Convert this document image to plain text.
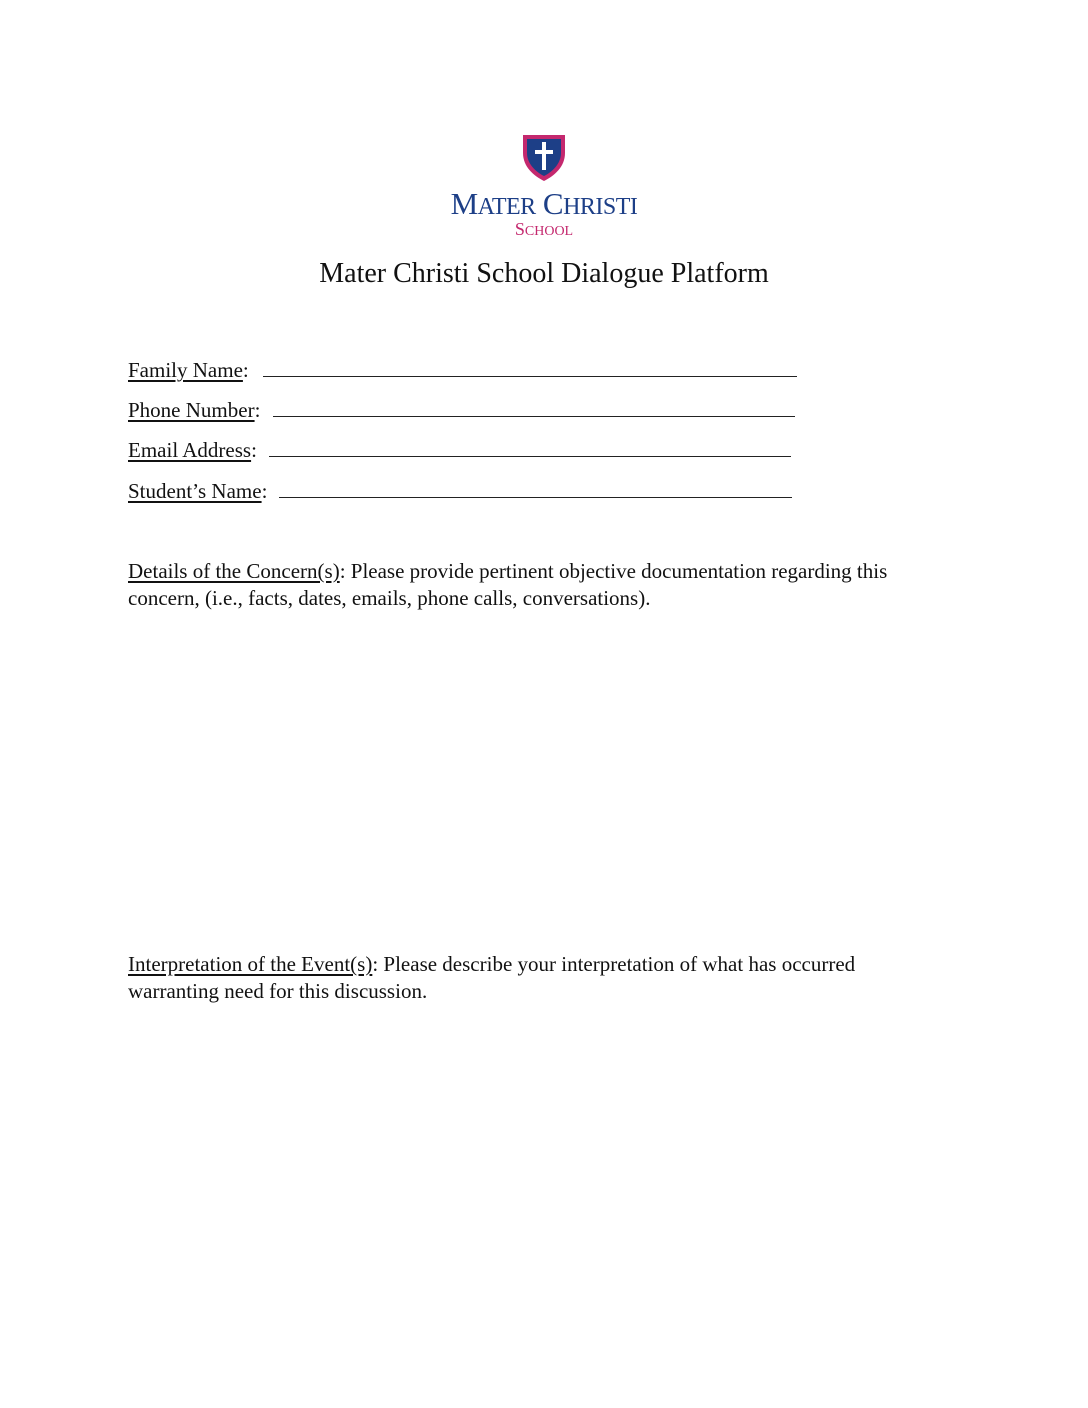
MATER CHRISTI
SCHOOL
Mater Christi School Dialogue Platform
Family Name:
Phone Number:
Email Address:
Student’s Name:
Details of the Concern(s): Please provide pertinent objective documentation regarding this concern, (i.e., facts, dates, emails, phone calls, conversations).
Interpretation of the Event(s): Please describe your interpretation of what has occurred warranting need for this discussion.
